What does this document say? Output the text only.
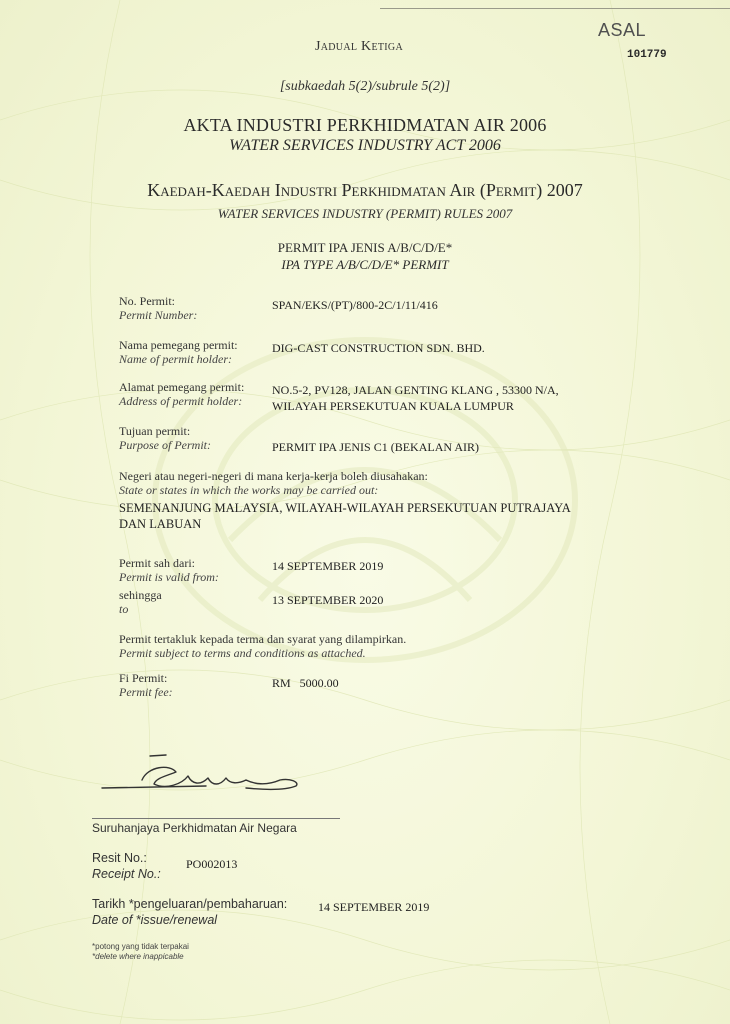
ASAL
101779
Jadual Ketiga
[subkaedah 5(2)/subrule 5(2)]
AKTA INDUSTRI PERKHIDMATAN AIR 2006
WATER SERVICES INDUSTRY ACT 2006
Kaedah-Kaedah Industri Perkhidmatan Air (Permit) 2007
WATER SERVICES INDUSTRY (PERMIT) RULES 2007
PERMIT IPA JENIS A/B/C/D/E*
IPA TYPE A/B/C/D/E* PERMIT
No. Permit:
Permit Number:
SPAN/EKS/(PT)/800-2C/1/11/416
Nama pemegang permit:
Name of permit holder:
DIG-CAST CONSTRUCTION SDN. BHD.
Alamat pemegang permit:
Address of permit holder:
NO.5-2, PV128, JALAN GENTING KLANG , 53300 N/A,
WILAYAH PERSEKUTUAN KUALA LUMPUR
Tujuan permit:
Purpose of Permit:	PERMIT IPA JENIS C1 (BEKALAN AIR)
Negeri atau negeri-negeri di mana kerja-kerja boleh diusahakan:
State or states in which the works may be carried out:
SEMENANJUNG MALAYSIA, WILAYAH-WILAYAH PERSEKUTUAN PUTRAJAYA
DAN LABUAN
Permit sah dari:
Permit is valid from:
14 SEPTEMBER 2019
sehingga
to
13 SEPTEMBER 2020
Permit tertakluk kepada terma dan syarat yang dilampirkan.
Permit subject to terms and conditions as attached.
Fi Permit:
Permit fee:
RM   5000.00
Suruhanjaya Perkhidmatan Air Negara
Resit No.:
Receipt No.:
PO002013
Tarikh *pengeluaran/pembaharuan:
Date of *issue/renewal
14 SEPTEMBER 2019
*potong yang tidak terpakai
*delete where inappicable
